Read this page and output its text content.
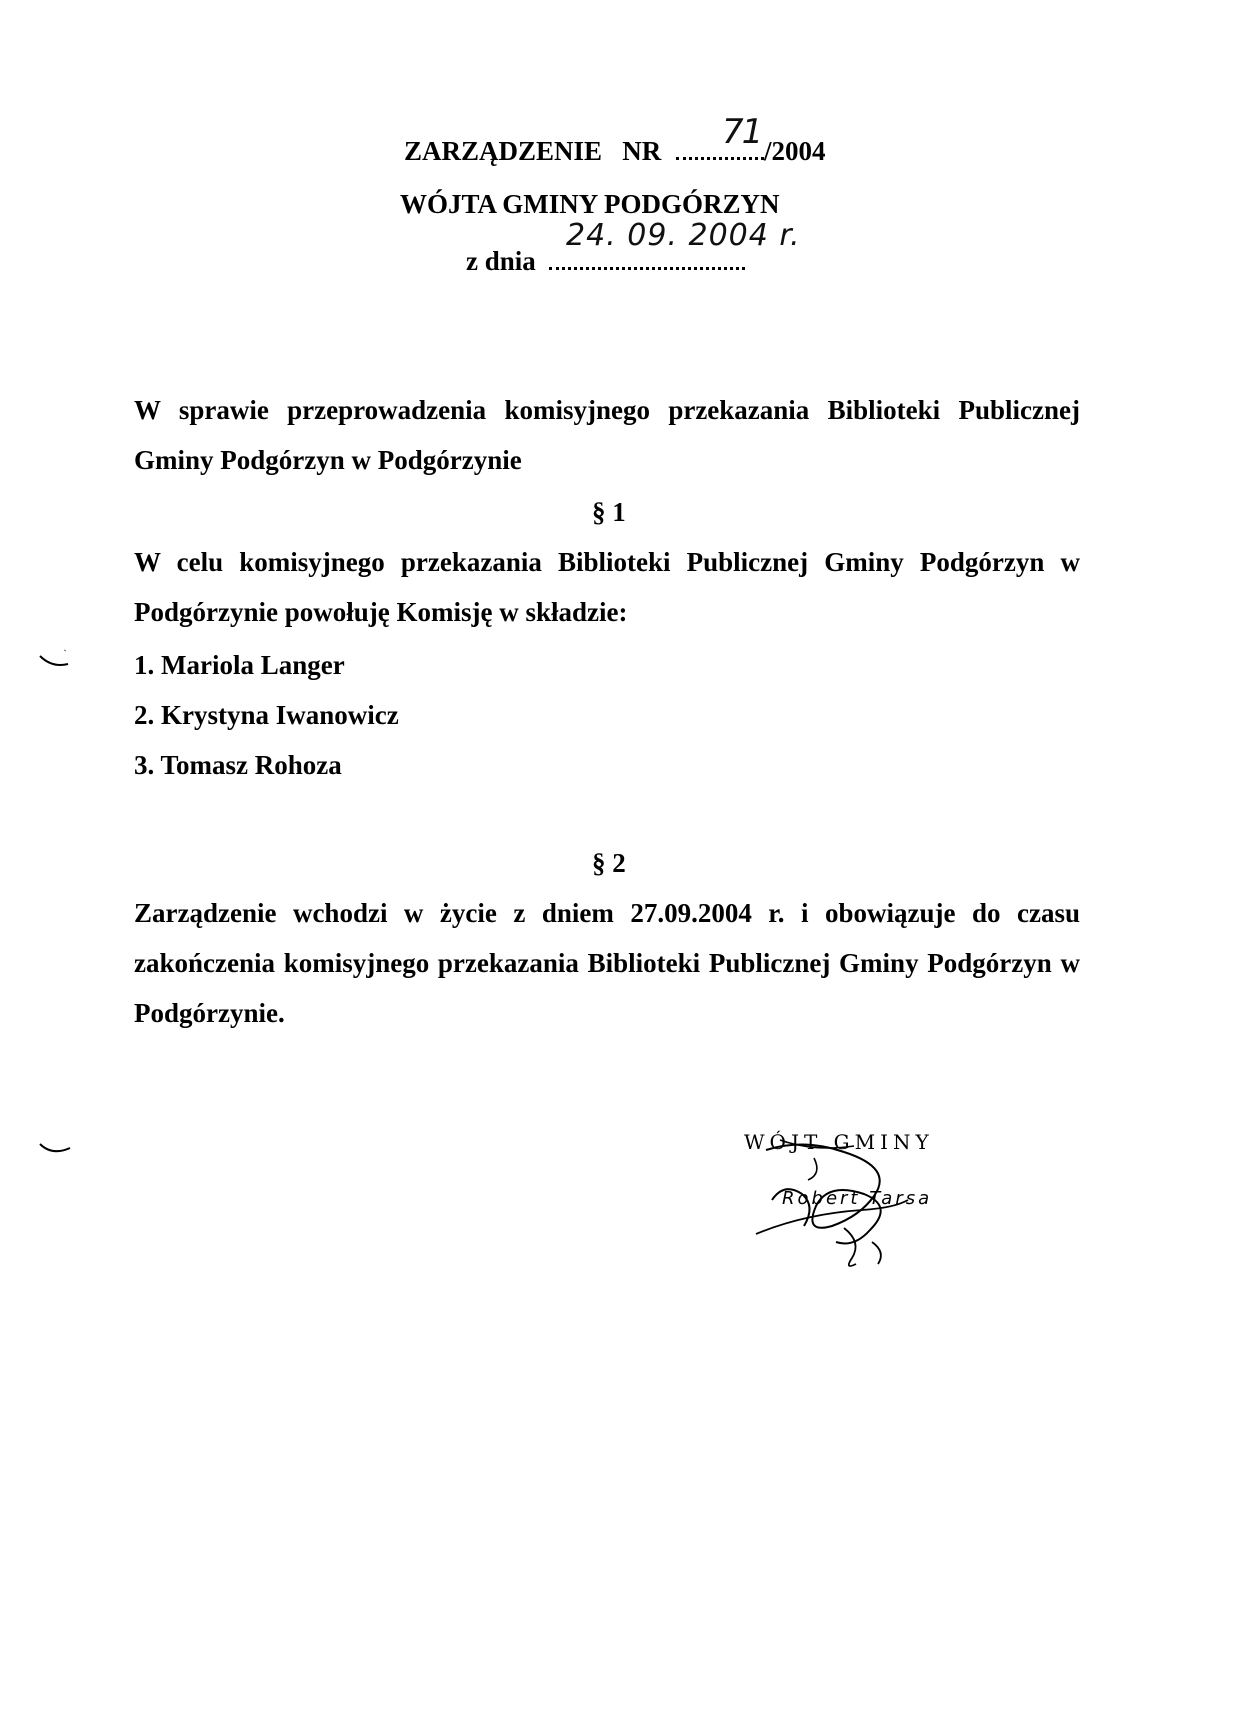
ZARZĄDZENIE   NR	/2004
71
WÓJTA GMINY PODGÓRZYN
z dnia
24. 09. 2004 r.
W sprawie przeprowadzenia komisyjnego przekazania Biblioteki Publicznej
Gminy Podgórzyn w Podgórzynie
§ 1
W celu komisyjnego przekazania Biblioteki Publicznej Gminy Podgórzyn w Podgórzynie powołuję Komisję w składzie:
1. Mariola Langer
2. Krystyna Iwanowicz
3. Tomasz Rohoza
§ 2
Zarządzenie wchodzi w życie z dniem 27.09.2004 r. i obowiązuje do czasu zakończenia komisyjnego przekazania Biblioteki Publicznej Gminy Podgórzyn w Podgórzynie.
WÓJT GMINY
Robert Tarsa
